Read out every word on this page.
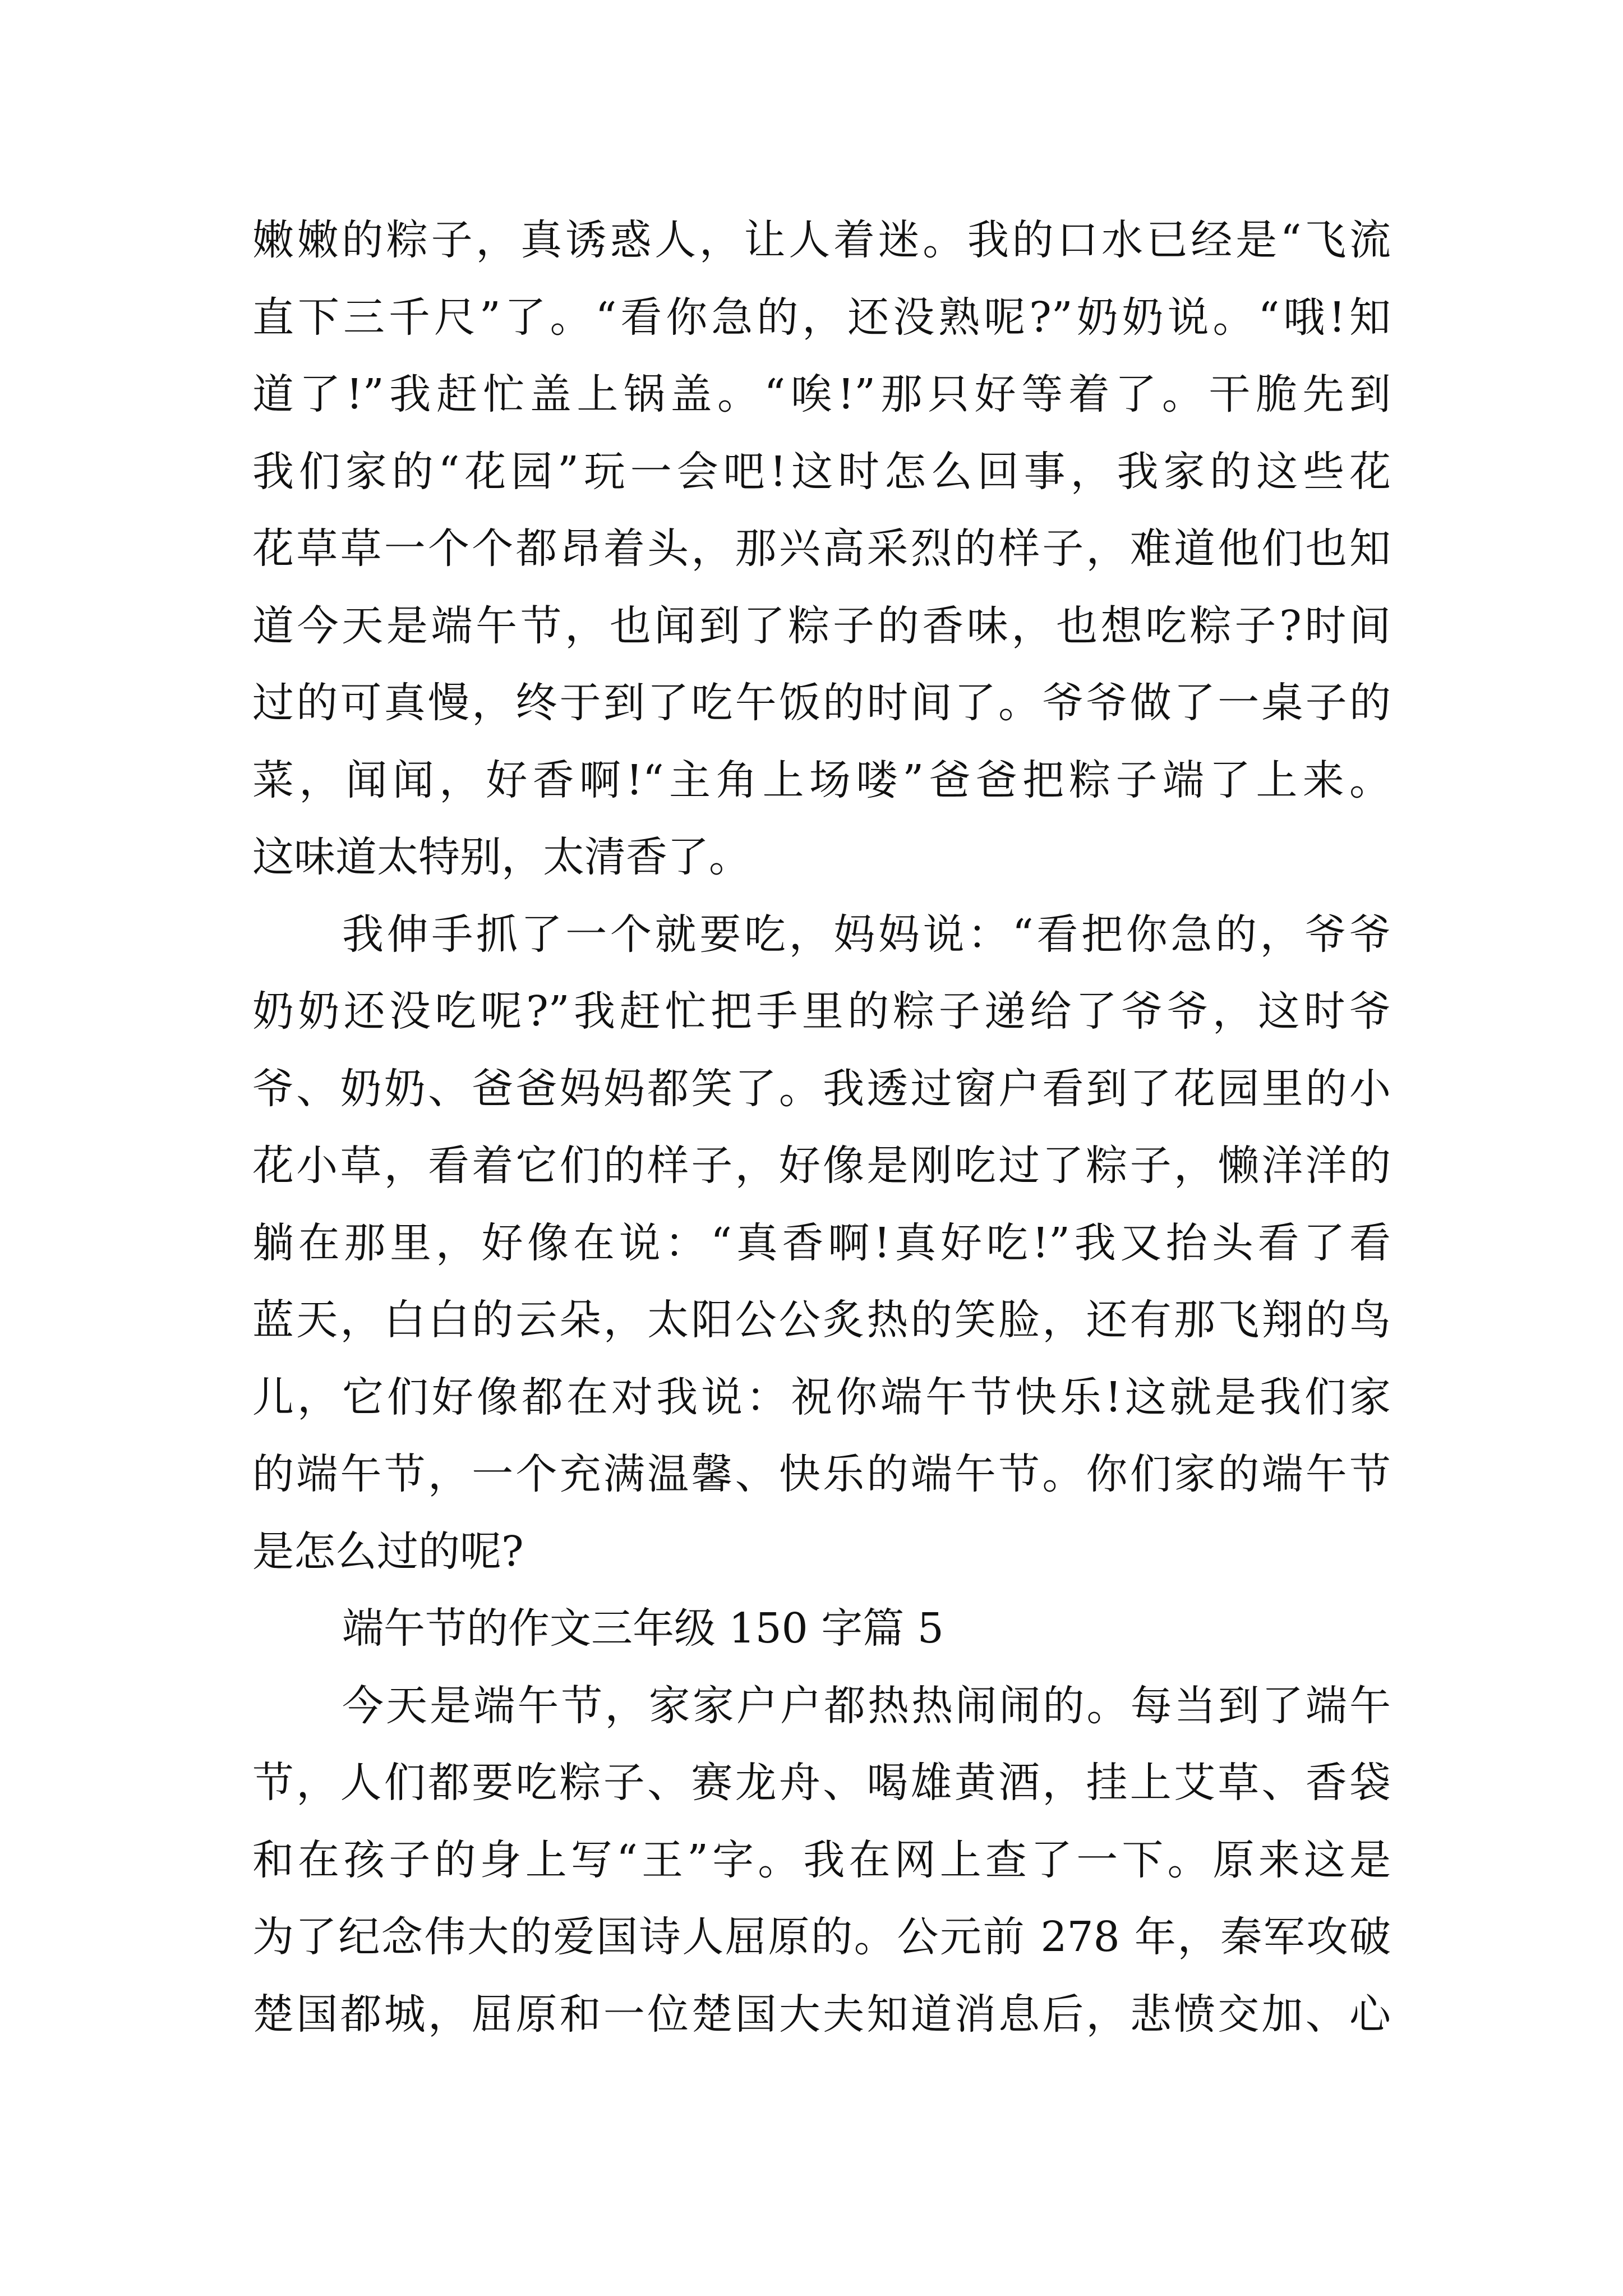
嫩嫩的粽子，真诱惑人，让人着迷。我的口水已经是“飞流
直下三千尺”了。“看你急的，还没熟呢?”奶奶说。“哦!知
道了!”我赶忙盖上锅盖。“唉!”那只好等着了。干脆先到
我们家的“花园”玩一会吧!这时怎么回事，我家的这些花
花草草一个个都昂着头，那兴高采烈的样子，难道他们也知
道今天是端午节，也闻到了粽子的香味，也想吃粽子?时间
过的可真慢，终于到了吃午饭的时间了。爷爷做了一桌子的
菜，闻闻，好香啊!“主角上场喽”爸爸把粽子端了上来。
这味道太特别，太清香了。
我伸手抓了一个就要吃，妈妈说：“看把你急的，爷爷
奶奶还没吃呢?”我赶忙把手里的粽子递给了爷爷，这时爷
爷、奶奶、爸爸妈妈都笑了。我透过窗户看到了花园里的小
花小草，看着它们的样子，好像是刚吃过了粽子，懒洋洋的
躺在那里，好像在说：“真香啊!真好吃!”我又抬头看了看
蓝天，白白的云朵，太阳公公炙热的笑脸，还有那飞翔的鸟
儿，它们好像都在对我说：祝你端午节快乐!这就是我们家
的端午节，一个充满温馨、快乐的端午节。你们家的端午节
是怎么过的呢?
端午节的作文三年级 150 字篇 5
今天是端午节，家家户户都热热闹闹的。每当到了端午
节，人们都要吃粽子、赛龙舟、喝雄黄酒，挂上艾草、香袋
和在孩子的身上写“王”字。我在网上查了一下。原来这是
为了纪念伟大的爱国诗人屈原的。公元前 278 年，秦军攻破
楚国都城，屈原和一位楚国大夫知道消息后，悲愤交加、心
